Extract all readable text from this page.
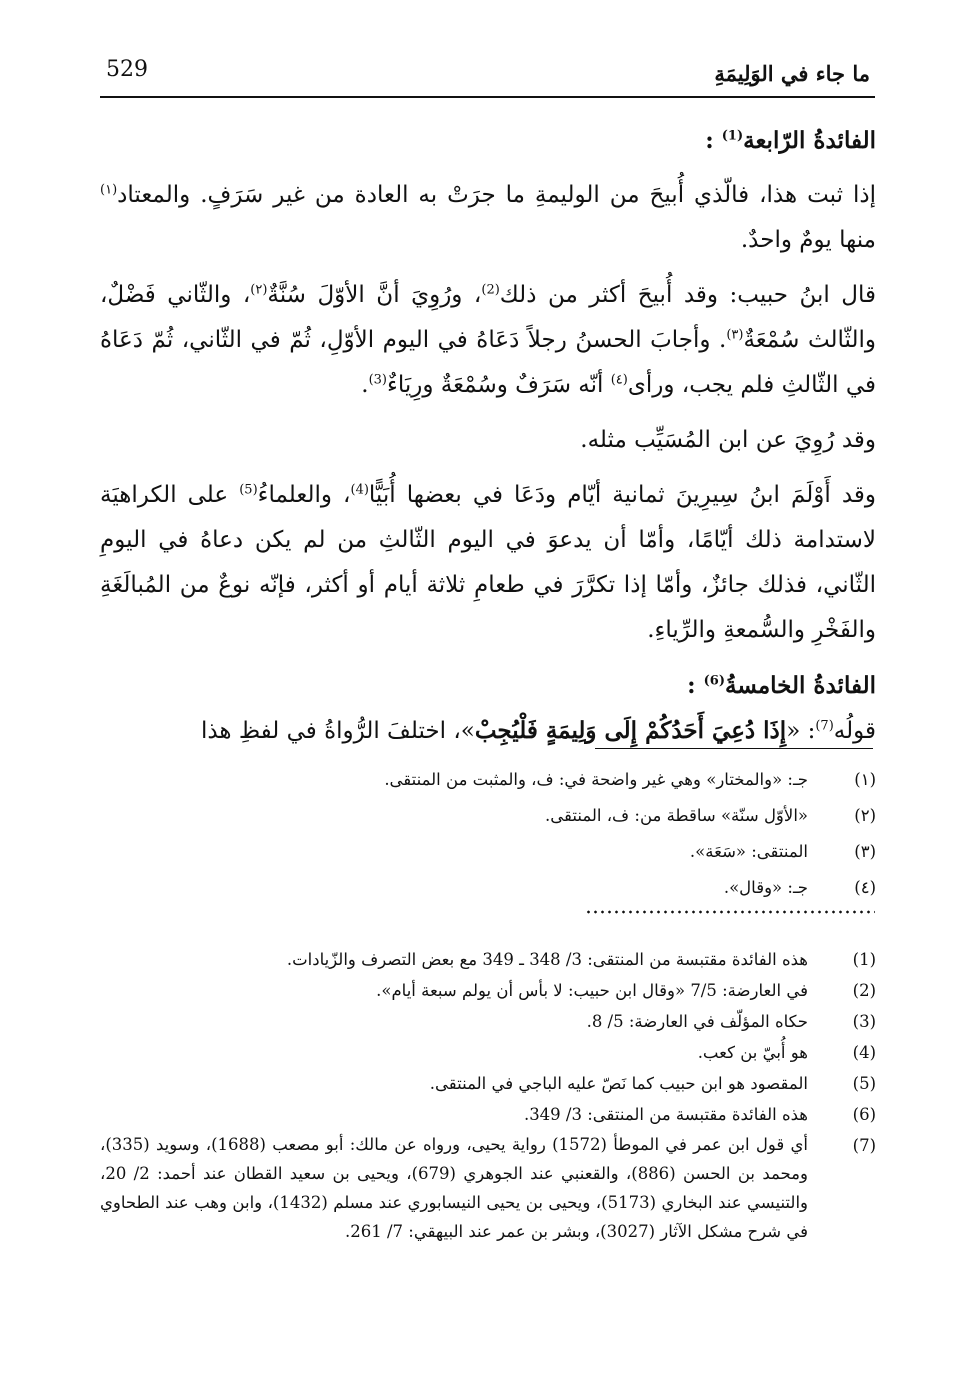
529	ما جاء في الوَلِيمَةِ

الفائدةُ الرّابعة$^{(1)}$ :

إذا ثبت هذا، فالّذي أُبيحَ من الوليمةِ ما جرَتْ به العادة من غير سَرَفٍ. والمعتاد$^{(١)}$ منها يومٌ واحدٌ.

قال ابنُ حبيب: وقد أُبيحَ أكثر من ذلك$^{(2)}$، ورُوِيَ أنَّ الأوّلَ سُنَّةٌ$^{(٢)}$، والثّاني فَضْلٌ، والثّالث سُمْعَةٌ$^{(٣)}$. وأجابَ الحسنُ رجلاً دَعَاهُ في اليوم الأوّلِ، ثُمّ في الثّاني، ثُمّ دَعَاهُ في الثّالثِ فلم يجب، ورأى$^{(٤)}$ أنّه سَرَفٌ وسُمْعَةٌ ورِيَاءٌ$^{(3)}$.

وقد رُوِيَ عن ابن المُسَيِّب مثله.

وقد أَوْلَمَ ابنُ سِيرِينَ ثمانية أيّام ودَعَا في بعضها أُبَيًّا$^{(4)}$، والعلماءُ$^{(5)}$ على الكراهيَة لاستدامة ذلك أيّامًا، وأمّا أن يدعوَ في اليوم الثّالثِ من لم يكن دعاهُ في اليومِ الثّاني، فذلك جائزٌ، وأمّا إذا تكرَّرَ في طعامِ ثلاثة أيام أو أكثر، فإنّه نوعٌ من المُبالَغَةِ والفَخْرِ والسُّمعةِ والرِّياءِ.

الفائدةُ الخامسةُ$^{(6)}$ :

قولُه$^{(7)}$: «إِذَا دُعِيَ أَحَدُكُمْ إِلَى وَلِيمَةٍ فَلْيُجِبْ»، اختلفَ الرُّواةُ في لفظِ هذا

(١)
جـ: «والمختار» وهي غير واضحة في: ف، والمثبت من المنتقى.
(٢)
«الأوّل سنّة» ساقطة من: ف، المنتقى.
(٣)
المنتقى: «سَعَة».
(٤)
جـ: «وقال».
(1)
هذه الفائدة مقتبسة من المنتقى: 3/ 348 ـ 349 مع بعض التصرف والزّيادات.
(2)
في العارضة: 7/5 «وقال ابن حبيب: لا بأس أن يولم سبعة أيام».
(3)
حكاه المؤلّف في العارضة: 5/ 8.
(4)
هو أُبيّ بن كعب.
(5)
المقصود هو ابن حبيب كما نَصّ عليه الباجي في المنتقى.
(6)
هذه الفائدة مقتبسة من المنتقى: 3/ 349.
(7)
أي قول ابن عمر في الموطأ (1572) رواية يحيى، ورواه عن مالك: أبو مصعب (1688)، وسويد (335)، ومحمد بن الحسن (886)، والقعنبي عند الجوهري (679)، ويحيى بن سعيد القطان عند أحمد: 2/ 20، والتنيسي عند البخاري (5173)، ويحيى بن يحيى النيسابوري عند مسلم (1432)، وابن وهب عند الطحاوي في شرح مشكل الآثار (3027)، وبشر بن عمر عند البيهقي: 7/ 261.
